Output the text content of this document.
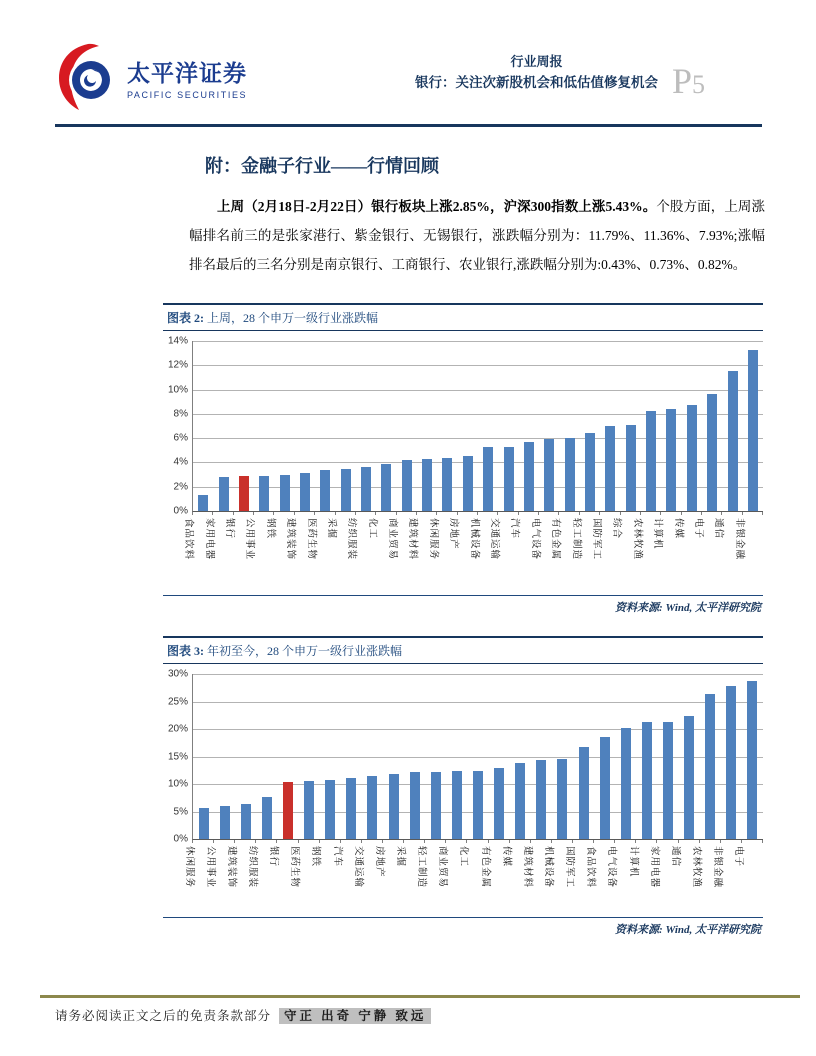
太平洋证券
PACIFIC SECURITIES
行业周报
银行：关注次新股机会和低估值修复机会 P5
附：金融子行业——行情回顾
上周（2月18日-2月22日）银行板块上涨2.85%，沪深300指数上涨5.43%。个股方面，上周涨幅排名前三的是张家港行、紫金银行、无锡银行，涨跌幅分别为：11.79%、11.36%、7.93%;涨幅排名最后的三名分别是南京银行、工商银行、农业银行,涨跌幅分别为:0.43%、0.73%、0.82%。
图表 2: 上周，28 个申万一级行业涨跌幅
0%
2%
4%
6%
8%
10%
12%
14%
食品饮料 家用电器 银行 公用事业 钢铁 建筑装饰 医药生物 采掘 纺织服装 化工 商业贸易 建筑材料 休闲服务 房地产 机械设备 交通运输 汽车 电气设备 有色金属 轻工制造 国防军工 综合 农林牧渔 计算机 传媒 电子 通信 非银金融
资料来源: Wind, 太平洋研究院
图表 3: 年初至今，28 个申万一级行业涨跌幅
0%
5%
10%
15%
20%
25%
30%
休闲服务	公用事业	建筑装饰	纺织服装	银行	医药生物	钢铁	汽车	交通运输	房地产	采掘	轻工制造	商业贸易	化工	有色金属	传媒	建筑材料	机械设备	国防军工	食品饮料	电气设备	计算机	家用电器	通信	农林牧渔	非银金融	电子
资料来源: Wind, 太平洋研究院
请务必阅读正文之后的免责条款部分 守正 出奇 宁静 致远
